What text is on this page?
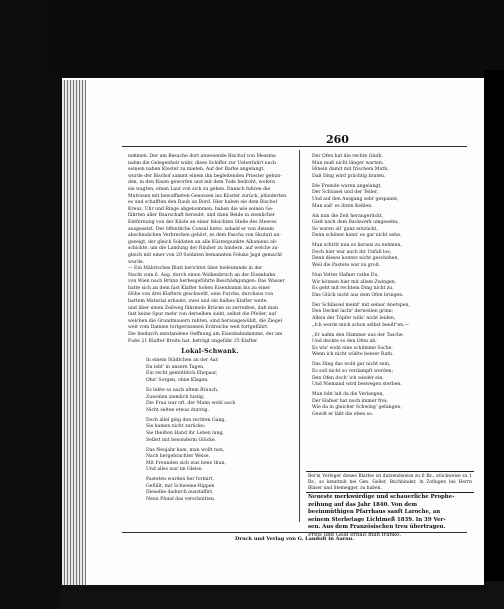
260

nehmen. Der am Besuche dort anwesende Bischof von Messina

nahm die Gelegenheit wahr, diese Schiffer zur Ueberfahrt nach

seinem nahen Kloster zu mieten. Auf der Barke angelangt,

wurde der Bischof sammt einem ihn begleitenden Priester gebun-

den, in den Raum geworfen und mit dem Tode bedroht, wofern

sie wagten, einen Laut von sich zu geben. Danach fuhren die

Matrosen mit bewaffneten Genossen ins Kloster zurück, plünderten

es und schafften den Raub an Bord. Hier haben sie dem Bischof

Kreuz, Uhr und Ringe abgenommen, haben die wie seinen Ge-

fährten aller Baarschaft beraubt, und dann Beide in ziemlicher

Entfernung von der Küste an einer felsichten Stelle des Meeres

ausgesetzt. Der öffentliche Consul hatte, sobald er von diesem

abscheulichen Verbrechen gehört, es dem Pascha von Skutari an-

gezeigt, der gleich Soldaten an alle Küstenpunkte Albaniens ab-

schickte, um die Landung der Räuber zu hindern, auf welche zu-

gleich mit einer von 20 Soldaten bemannten Feluke Jagd gemacht

wurde.

— Ein Mährisches Blatt berichtet über bedeutende in der

Nacht vom 6. Aug. durch einen Wolkenbruch an der Eisenbahn

von Wien nach Brünn herbeigeführte Beschädigungen: Das Wasser

hatte sich an dem fast Klafter hohen Eisenbamm bis zu einer

Höhe von drei Klaftern geschwellt, eine Furche, durchaus von

hartem Material erbaute, zwei und ein halbes Klafter weite,

und über einen Zeilweg führende Brücke zu zerreißen, daß man

fast keine Spur mehr von derselben sieht, selbst die Pfeiler, auf

welchen die Grundmauern ruhten, sind herausgewühlt, die Ziegel

weit vom Damme fortgerissenen Erdreiche weit fortgeführt.

Die hiedurch entstandene Oeffnung am Eisenbahndamme, der am

Fuße 21 Klafter Breite hat, beträgt ungefähr 25 Klafter.

Lokal-Schwank.

In einem Städtchen an der Aar,

Da lebt' in unsern Tagen,

Ein recht gemüthlich Ehepaar,

Ohn' Sorgen, ohne Klagen.

Es lebte so nach altem Brauch,

Zuweilen ziemlich lustig;

Die Frau war oft, der Mann wohl auch

Nicht selten etwas durstig.

Doch allel ging den rechten Gang,

Sie kamen nicht zurücke;

Sie theilten Hand ihr Leben lang,

Selbst mit besonderm Glücke.

Das Neujahr kam, man wollt nun,

Nach hergebrachter Weise,

Mit Freunden sich was bene thun,

Und alles war im Gleise.

Pasteten wurden her formirt,

Gefüllt, mit Schweine-Rippen

Dieselbe dadurch ausstaffirt,

Neun Pfund das verschnitten.

Der Ofen hat die rechte Gluth,

Man muß nicht länger warten:

Hinein damit mit frischem Muth,

Daß Ding wird prächtig braten.

Die Fremde waren angelangt,

Der Schüssel und der Teller,

Und auf den Ausgang sehr gespannt;

Man saß' es ihren Kehlen.

Als nun die Zeit herangerückt,

Gieß nach dem Backwerk umgesehn;

So waren all' ganz entzückt,

Denn schöner kann' es gar nicht sehn.

Man schritt nun es heraus zu nehmen,

Doch hier war auch ihr Unfall los;

Denn dieses konnte nicht geschehen,

Weil die Pastete war zu groß.

Nun Vetter Hafner rathe Du,

Wir können hier mit allem Zwingen,

Es geht mit rechtem Ding nicht zu,

Das Glück nicht aus dem Ofen bringen.

Der Schlüssel meint' mit seiner Anetspen,

Den Deckel lacht' derweilen grinn;

Allein der Töpfer wills' nicht leiden,

„Ich werde mich schon selbst beeilt"en.—

„Er nahm den Hammer aus der Tasche,

Und deckte so den Ofen ab;

Es wis' wohl eine schlimme Sache,

Wenn ich nicht wüßte besser Rath.

Das Ding das wohl gar nicht sein,

Es soll nicht so verdampft werden;

Den Ofen doch' ich wieder ein,

Und Niemand wird beswegen sterben.

Man lobt laß da die Verlangen,

Der Hafner hat noch immer frei;

Wie da in gleicher Schwing' gefangen,

Gewiß er läßt die eben so.

Bei'm Verleger dieses Blattes ist dutzendweise zu 6 Bz., stückweise zu 1 Bz., so kenntniß bei Gen. Geller, Buchbinder, in Zofingen bei Herrn Bläser und Stemegger, zu haben.

Neueste merkwürdige und schauerliche Prophe-

zeihung auf das Jahr 1840. Von dem

beeinmüthigen Pfarrhaus sanft Laroche, an

seinem Sterbetage Lichtmeß 1839. In 39 Ver-

sen. Aus dem Französischen treu übertragen.

Preis und Geld erhält man franko.

Druck und Verlag von G. Landolt in Aarau.
